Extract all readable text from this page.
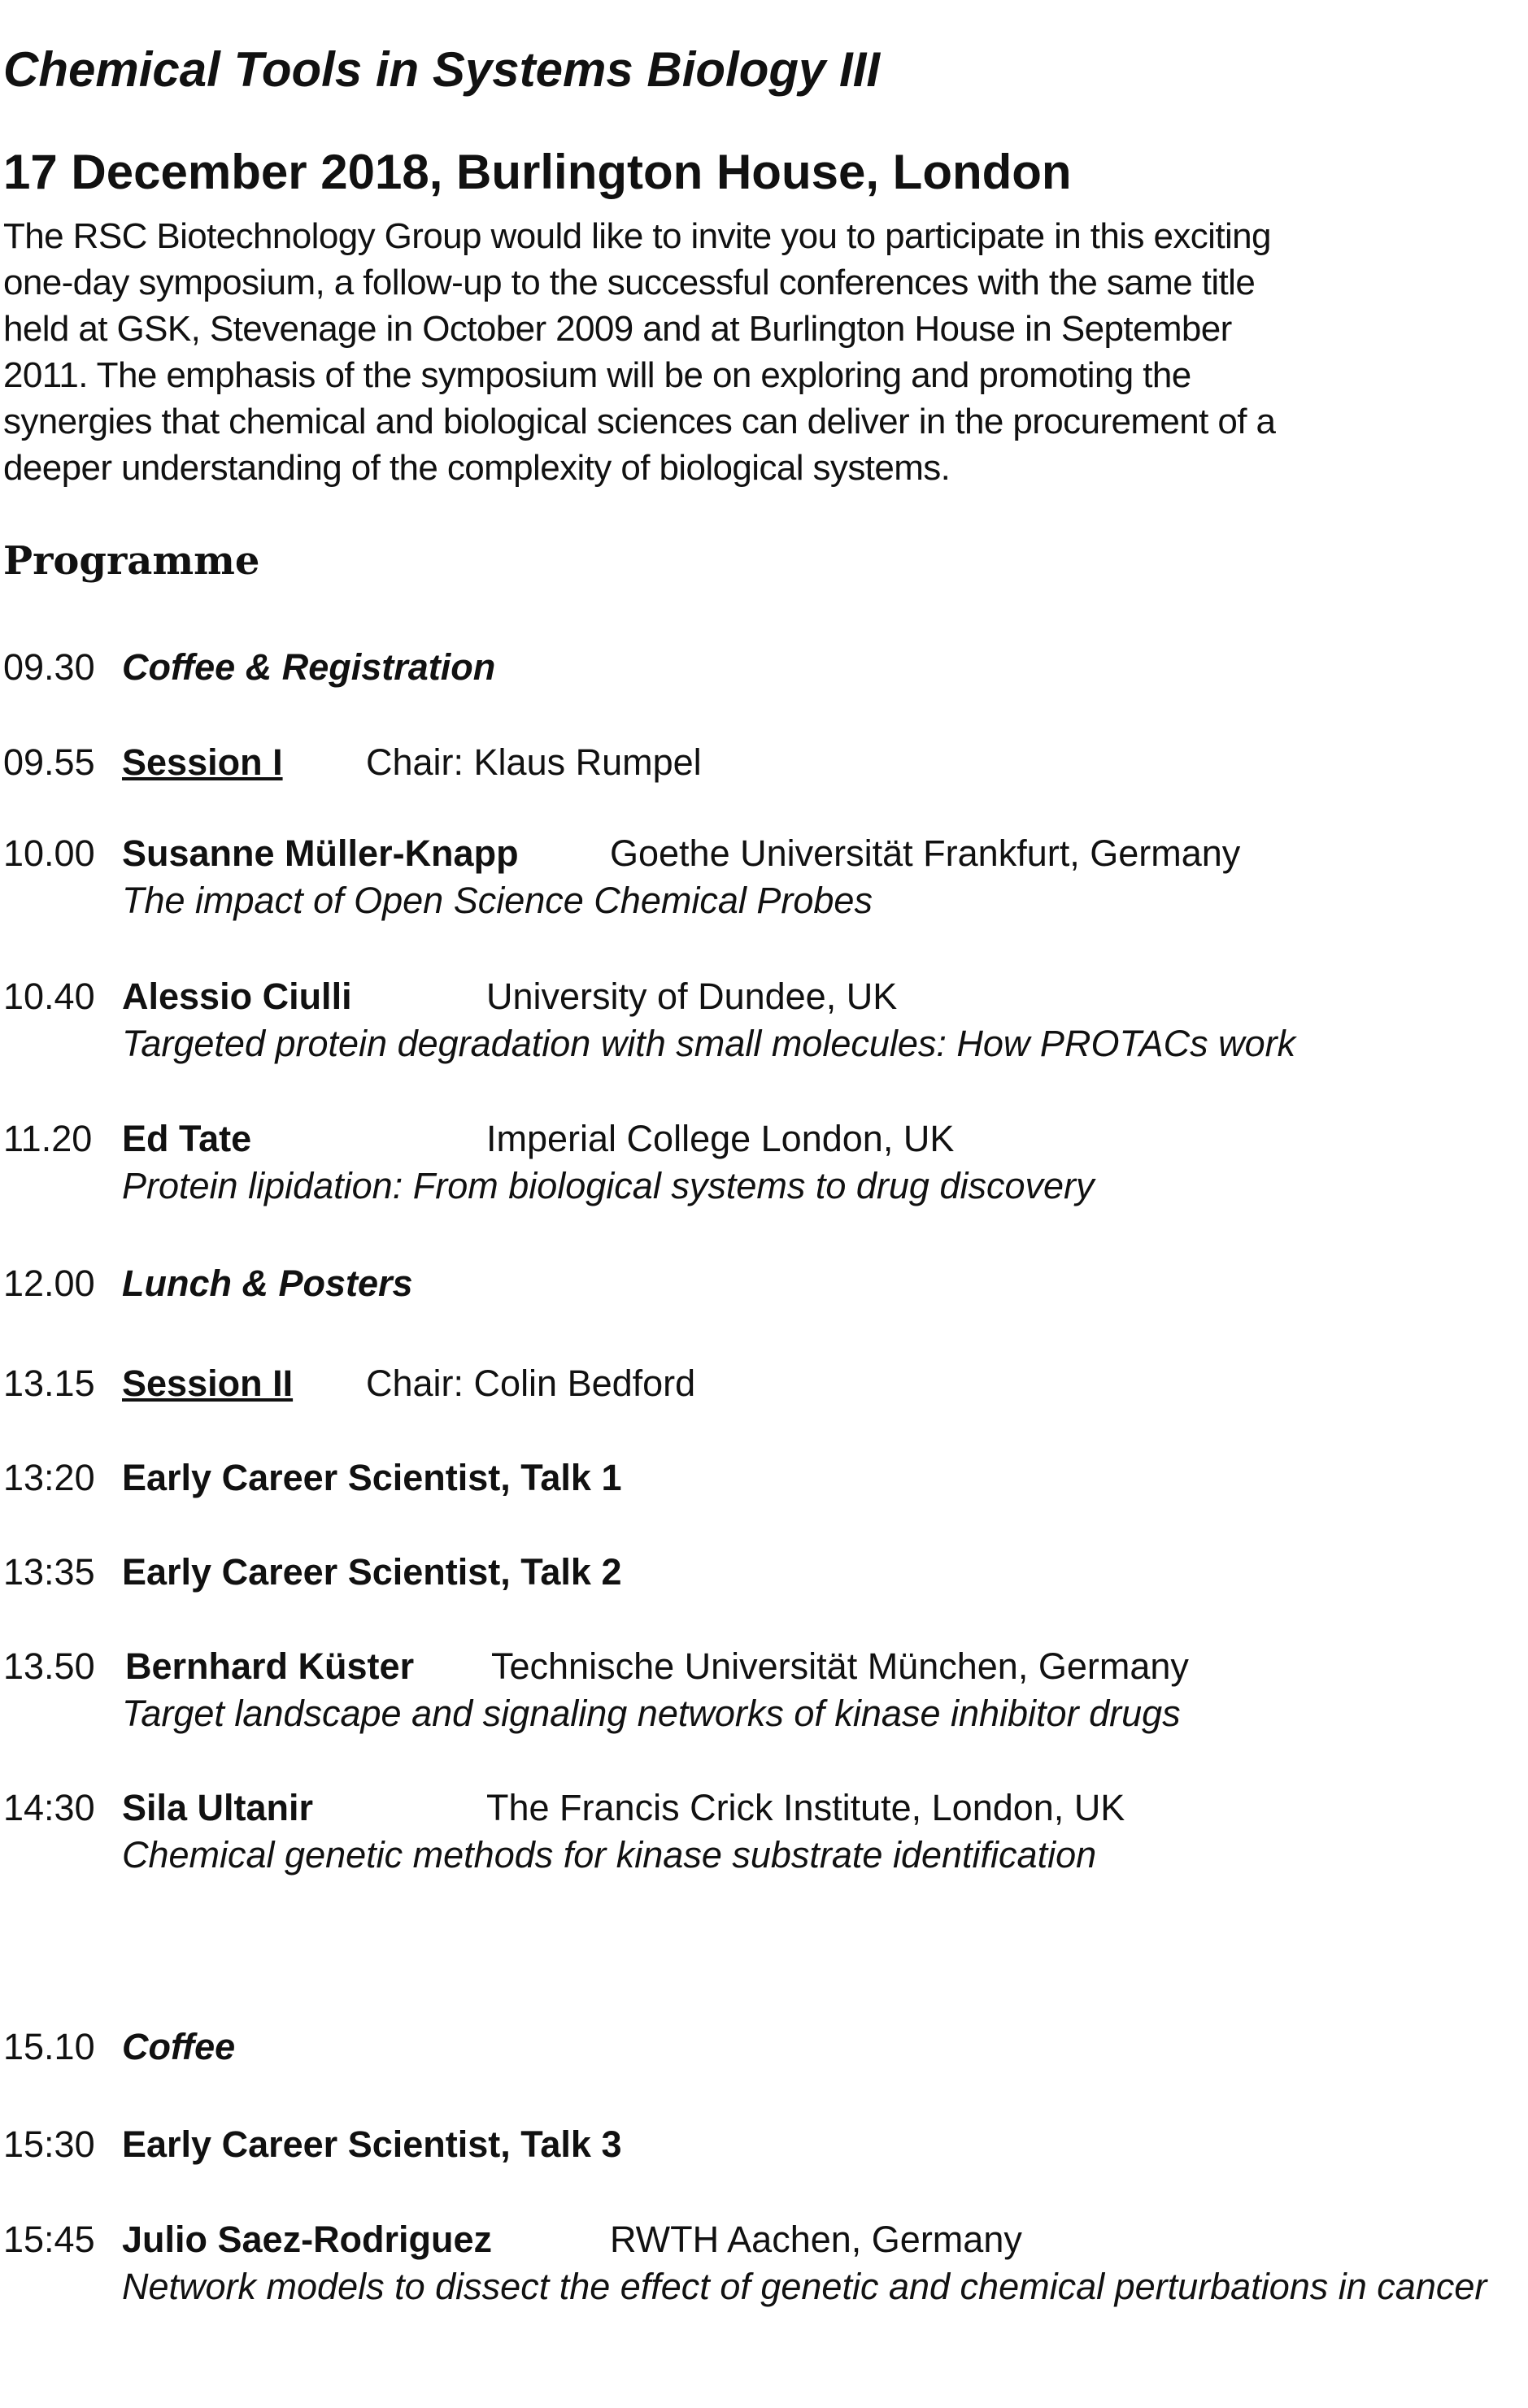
Chemical Tools in Systems Biology III
17 December 2018, Burlington House, London
The RSC Biotechnology Group would like to invite you to participate in this exciting
one-day symposium, a follow-up to the successful conferences with the same title
held at GSK, Stevenage in October 2009 and at Burlington House in September
2011. The emphasis of the symposium will be on exploring and promoting the
synergies that chemical and biological sciences can deliver in the procurement of a
deeper understanding of the complexity of biological systems.
Programme
09.30 Coffee & Registration
09.55 Session I Chair: Klaus Rumpel
10.00 Susanne Müller-Knapp Goethe Universität Frankfurt, Germany
The impact of Open Science Chemical Probes
10.40 Alessio Ciulli	University of Dundee, UK
Targeted protein degradation with small molecules: How PROTACs work
11.20 Ed Tate	Imperial College London, UK
Protein lipidation: From biological systems to drug discovery
12.00 Lunch & Posters
13.15 Session II Chair: Colin Bedford
13:20 Early Career Scientist, Talk 1
13:35 Early Career Scientist, Talk 2
13.50 Bernhard Küster Technische Universität München, Germany
Target landscape and signaling networks of kinase inhibitor drugs
14:30 Sila Ultanir	The Francis Crick Institute, London, UK
Chemical genetic methods for kinase substrate identification
15.10 Coffee
15:30 Early Career Scientist, Talk 3
15:45 Julio Saez-Rodriguez	RWTH Aachen, Germany
Network models to dissect the effect of genetic and chemical perturbations in cancer
